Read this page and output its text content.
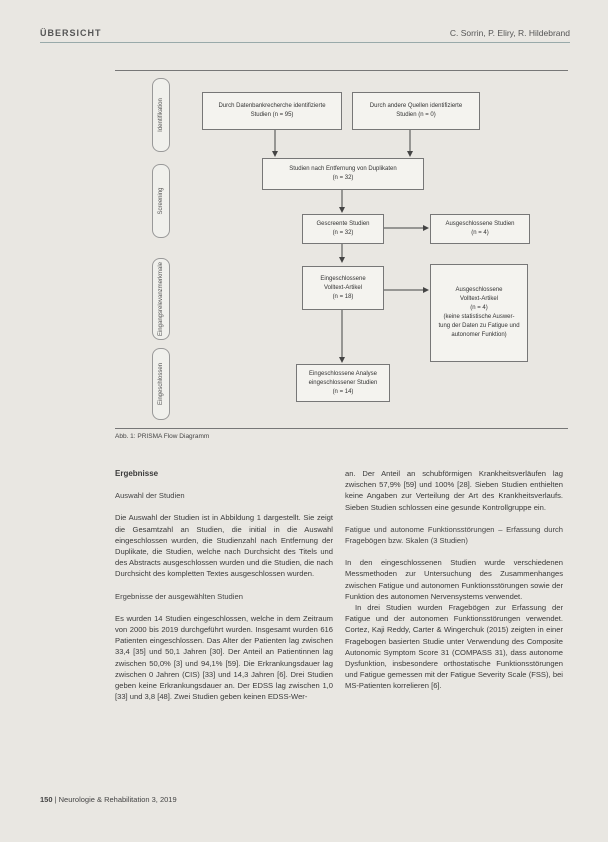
ÜBERSICHT	C. Sorrin, P. Eliry, R. Hildebrand
Identifikation
Screening
Eingangsrelevanzmerkmale
Eingeschlossen
Durch Datenbankrecherche identifizierte
Studien (n = 95)
Durch andere Quellen identifizierte
Studien (n = 0)
Studien nach Entfernung von Duplikaten
(n = 32)
Gescreente Studien
(n = 32)
Ausgeschlossene Studien
(n = 4)
Eingeschlossene
Volltext-Artikel
(n = 18)
Ausgeschlossene
Volltext-Artikel
(n = 4)
(keine statistische Auswer-
tung der Daten zu Fatigue und
autonomer Funktion)
Eingeschlossene Analyse
eingeschlossener Studien
(n = 14)
Abb. 1: PRISMA Flow Diagramm

Ergebnisse

Auswahl der Studien

Die Auswahl der Studien ist in Abbildung 1 dargestellt. Sie zeigt die Gesamtzahl an Studien, die initial in die Auswahl eingeschlossen wurden, die Studienzahl nach Entfernung der Duplikate, die Studien, welche nach Durchsicht des Titels und des Abstracts ausgeschlossen wurden und die Studien, die nach Durchsicht des kompletten Textes ausgeschlossen wurden.

Ergebnisse der ausgewählten Studien

Es wurden 14 Studien eingeschlossen, welche in dem Zeitraum von 2000 bis 2019 durchgeführt wurden. Insgesamt wurden 616 Patienten eingeschlossen. Das Alter der Patienten lag zwischen 33,4 [35] und 50,1 Jahren [30]. Der Anteil an Patientinnen lag zwischen 50,0% [3] und 94,1% [59]. Die Erkrankungsdauer lag zwischen 0 Jahren (CIS) [33] und 14,3 Jahren [6]. Drei Studien geben keine Erkrankungsdauer an. Der EDSS lag zwischen 1,0 [33] und 3,8 [48]. Zwei Studien geben keinen EDSS-Wer-

an. Der Anteil an schubförmigen Krankheitsverläufen lag zwischen 57,9% [59] und 100% [28]. Sieben Studien enthielten keine Angaben zur Verteilung der Art des Krankheitsverlaufs. Sieben Studien schlossen eine gesunde Kontrollgruppe ein.

Fatigue und autonome Funktionsstörungen – Erfassung durch Fragebögen bzw. Skalen (3 Studien)

In den eingeschlossenen Studien wurde verschiedenen Messmethoden zur Untersuchung des Zusammenhanges zwischen Fatigue und autonomen Funktionsstörungen sowie der Funktion des autonomen Nervensystems verwendet.

In drei Studien wurden Fragebögen zur Erfassung der Fatigue und der autonomen Funktionsstörungen verwendet. Cortez, Kaji Reddy, Carter & Wingerchuk (2015) zeigten in einer Fragebogen basierten Studie unter Verwendung des Composite Autonomic Symptom Score 31 (COMPASS 31), dass autonome Dysfunktion, insbesondere orthostatische Funktionsstörungen und Fatigue gemessen mit der Fatigue Severity Scale (FSS), bei MS-Patienten korrelieren [6].

150 | Neurologie & Rehabilitation 3, 2019
